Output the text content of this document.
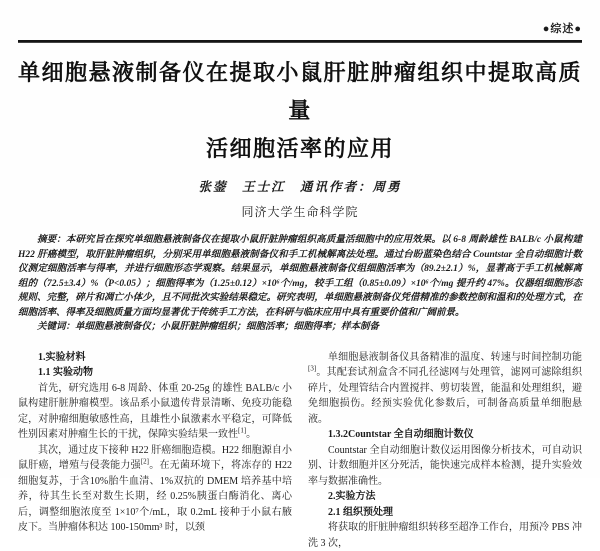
●综述●
单细胞悬液制备仪在提取小鼠肝脏肿瘤组织中提取高质量
活细胞活率的应用
张蓥　王士江　通讯作者：周勇
同济大学生命科学院

摘要：本研究旨在探究单细胞悬液制备仪在提取小鼠肝脏肿瘤组织高质量活细胞中的应用效果。以 6-8 周龄雄性 BALB/c 小鼠构建 H22 肝癌模型，取肝脏肿瘤组织，分别采用单细胞悬液制备仪和手工机械解离法处理。通过台盼蓝染色结合 Countstar 全自动细胞计数仪测定细胞活率与得率，并进行细胞形态学观察。结果显示，单细胞悬液制备仪组细胞活率为（89.2±2.1）%，显著高于手工机械解离组的（72.5±3.4）%（P<0.05）；细胞得率为（1.25±0.12）×10⁶个/mg，较手工组（0.85±0.09）×10⁶个/mg 提升约 47%。仪器组细胞形态规则、完整，碎片和凋亡小体少，且不同批次实验结果稳定。研究表明，单细胞悬液制备仪凭借精准的参数控制和温和的处理方式，在细胞活率、得率及细胞质量方面均显著优于传统手工方法，在科研与临床应用中具有重要价值和广阔前景。

关键词：单细胞悬液制备仪；小鼠肝脏肿瘤组织；细胞活率；细胞得率；样本制备

1.实验材料
1.1 实验动物
首先，研究选用 6-8 周龄、体重 20-25g 的雄性 BALB/c 小鼠构建肝脏肿瘤模型。该品系小鼠遗传背景清晰、免疫功能稳定，对肿瘤细胞敏感性高，且雄性小鼠激素水平稳定，可降低性别因素对肿瘤生长的干扰，保障实验结果一致性[1]。
其次，通过皮下接种 H22 肝癌细胞造模。H22 细胞源自小鼠肝癌，增殖与侵袭能力强[2]。在无菌环境下，将冻存的 H22 细胞复苏，于含10%胎牛血清、1%双抗的 DMEM 培养基中培养，待其生长至对数生长期，经 0.25%胰蛋白酶消化、离心后，调整细胞浓度至 1×10⁷个/mL，取 0.2mL 接种于小鼠右腋皮下。当肿瘤体积达 100-150mm³ 时，以颈
单细胞悬液制备仪具备精准的温度、转速与时间控制功能[3]。其配套试剂盒含不同孔径滤网与处理管，滤网可滤除组织碎片，处理管结合内置搅拌、剪切装置，能温和处理组织，避免细胞损伤。经预实验优化参数后，可制备高质量单细胞悬液。
1.3.2Countstar 全自动细胞计数仪
Countstar 全自动细胞计数仪运用图像分析技术，可自动识别、计数细胞并区分死活，能快速完成样本检测，提升实验效率与数据准确性。
2.实验方法
2.1 组织预处理
将获取的肝脏肿瘤组织转移至超净工作台，用预冷 PBS 冲洗 3 次，
